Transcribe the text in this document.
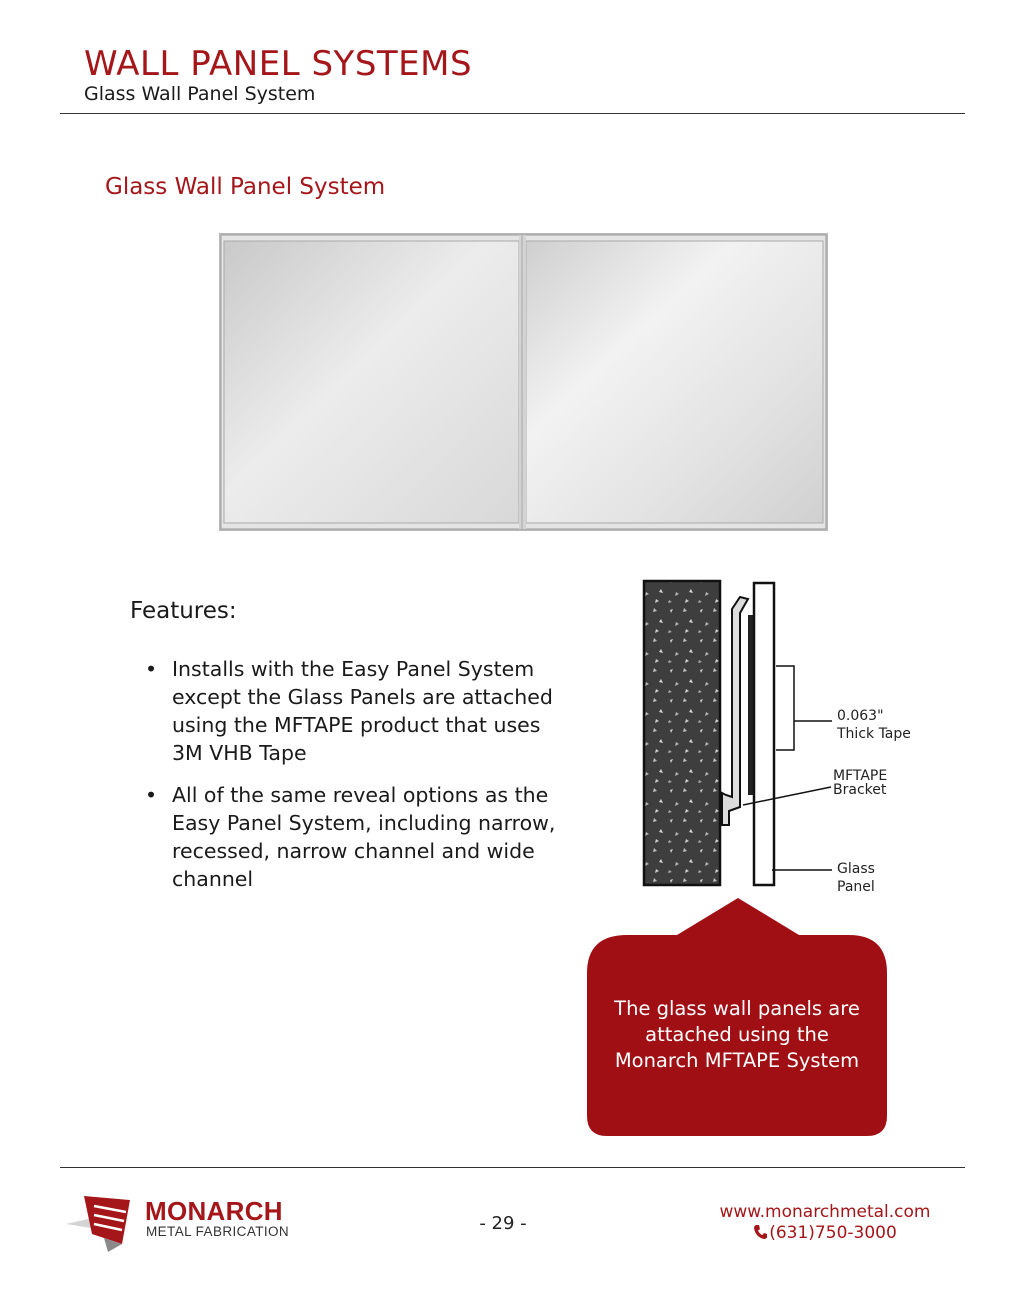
WALL PANEL SYSTEMS
Glass Wall Panel System
Glass Wall Panel System
Features:
• Installs with the Easy Panel System except the Glass Panels are attached using the MFTAPE product that uses 3M VHB Tape
• All of the same reveal options as the Easy Panel System, including narrow, recessed, narrow channel and wide channel
0.063"
Thick Tape
MFTAPE
Bracket
Glass
Panel
The glass wall panels are
attached using the
Monarch MFTAPE System
MONARCH
METAL FABRICATION	- 29 -
www.monarchmetal.com
(631)750-3000
